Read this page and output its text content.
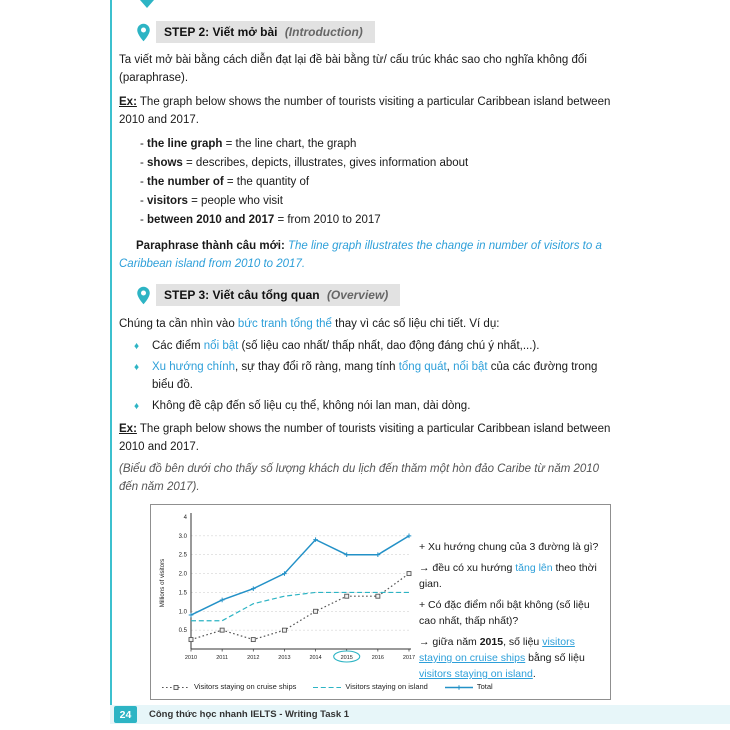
STEP 2: Viết mở bài (Introduction)

Ta viết mở bài bằng cách diễn đạt lại đề bài bằng từ/ cấu trúc khác sao cho nghĩa không đổi (paraphrase).

Ex: The graph below shows the number of tourists visiting a particular Caribbean island between 2010 and 2017.

- the line graph = the line chart, the graph
- shows = describes, depicts, illustrates, gives information about
- the number of = the quantity of
- visitors = people who visit
- between 2010 and 2017 = from 2010 to 2017

Paraphrase thành câu mới: The line graph illustrates the change in number of visitors to a Caribbean island from 2010 to 2017.

STEP 3: Viết câu tổng quan (Overview)

Chúng ta cần nhìn vào bức tranh tổng thể thay vì các số liệu chi tiết. Ví dụ:

♦ Các điểm nổi bật (số liệu cao nhất/ thấp nhất, dao động đáng chú ý nhất,...).
♦ Xu hướng chính, sự thay đổi rõ ràng, mang tính tổng quát, nổi bật của các đường trong biểu đồ.
♦ Không đề cập đến số liệu cụ thể, không nói lan man, dài dòng.

Ex: The graph below shows the number of tourists visiting a particular Caribbean island between 2010 and 2017.

(Biểu đồ bên dưới cho thấy số lượng khách du lịch đến thăm một hòn đảo Caribe từ năm 2010 đến năm 2017).

0.5
1.0
1.5
2.0
2.5
3.0
4
2010	2011	2012	2013	2014	2015	2016	2017
Millions of visitors
+ Xu hướng chung của 3 đường là gì?
→ đều có xu hướng tăng lên theo thời gian.
+ Có đặc điểm nổi bật không (số liệu cao nhất, thấp nhất)?
→ giữa năm 2015, số liệu visitors staying on cruise ships bằng số liệu visitors staying on island.
Visitors staying on cruise ships	Visitors staying on island	Total
24	Công thức học nhanh IELTS - Writing Task 1
